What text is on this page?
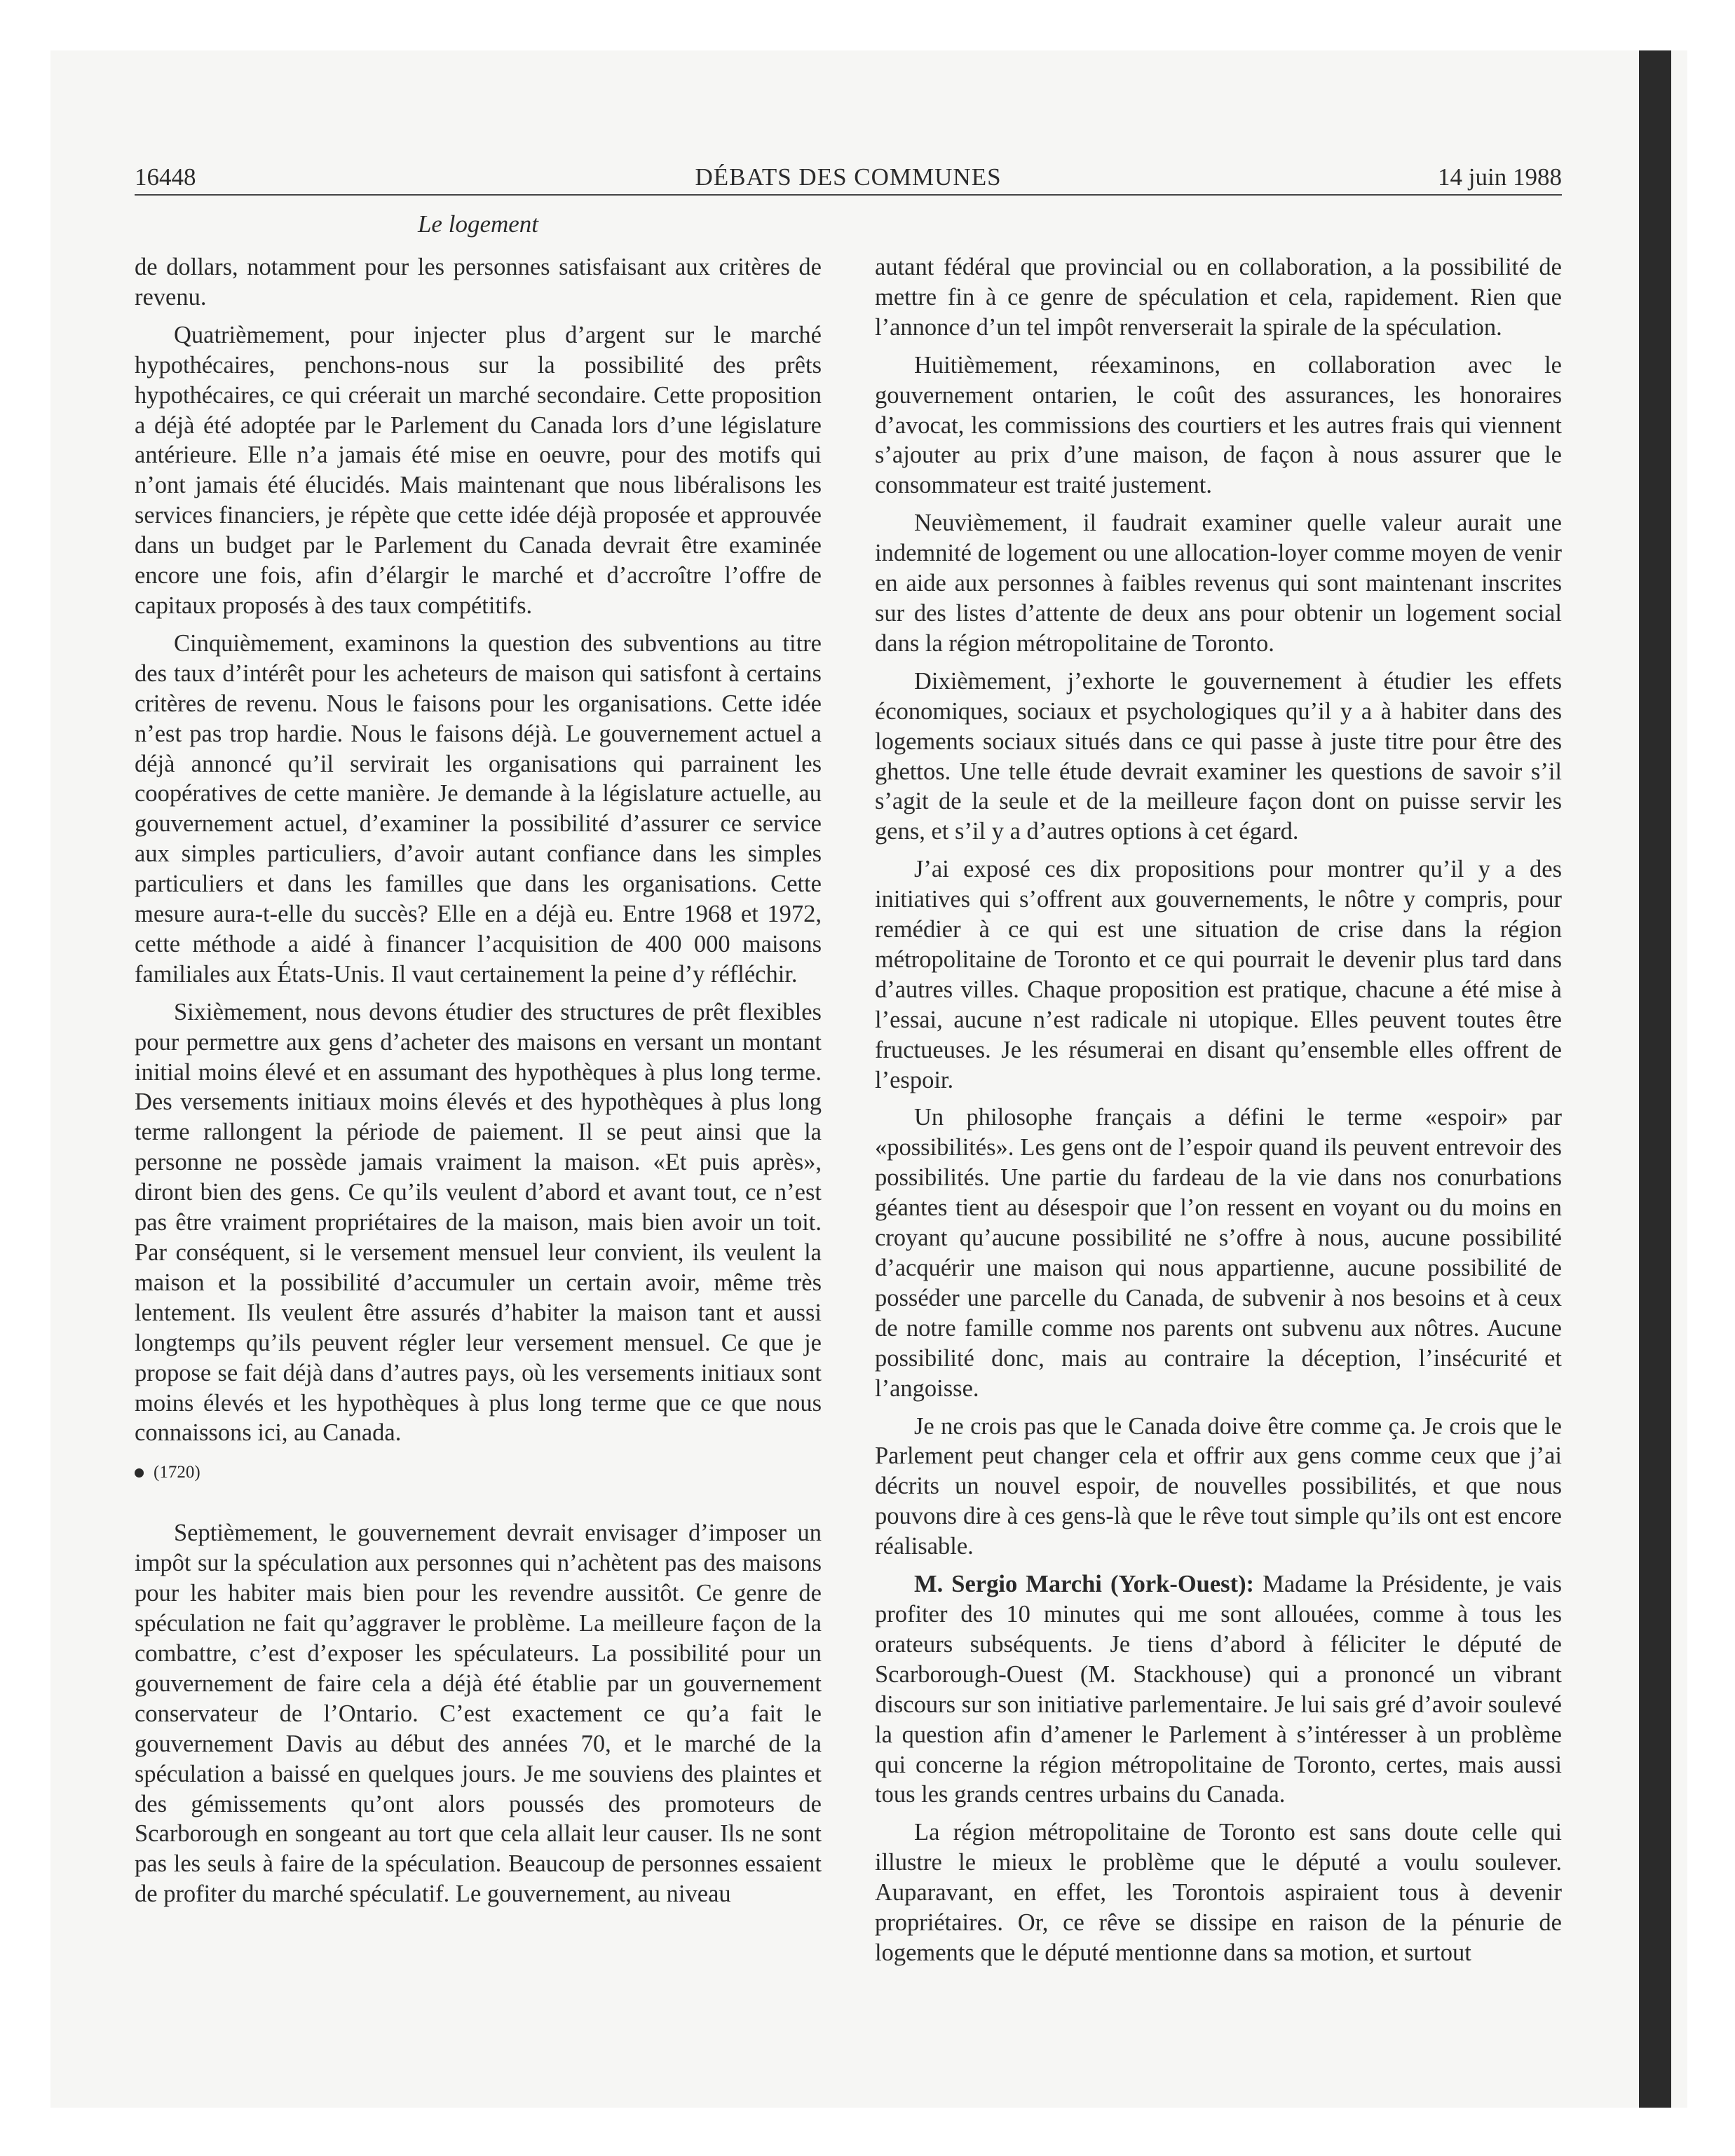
16448	DÉBATS DES COMMUNES	14 juin 1988
Le logement

de dollars, notamment pour les personnes satisfaisant aux critères de revenu.

Quatrièmement, pour injecter plus d’argent sur le marché hypothécaires, penchons-nous sur la possibilité des prêts hypothécaires, ce qui créerait un marché secondaire. Cette proposition a déjà été adoptée par le Parlement du Canada lors d’une législature antérieure. Elle n’a jamais été mise en oeuvre, pour des motifs qui n’ont jamais été élucidés. Mais maintenant que nous libéralisons les services financiers, je répète que cette idée déjà proposée et approuvée dans un budget par le Parlement du Canada devrait être examinée encore une fois, afin d’élargir le marché et d’accroître l’offre de capitaux proposés à des taux compétitifs.

Cinquièmement, examinons la question des subventions au titre des taux d’intérêt pour les acheteurs de maison qui satisfont à certains critères de revenu. Nous le faisons pour les organisations. Cette idée n’est pas trop hardie. Nous le faisons déjà. Le gouvernement actuel a déjà annoncé qu’il servirait les organisations qui parrainent les coopératives de cette manière. Je demande à la législature actuelle, au gouvernement actuel, d’examiner la possibilité d’assurer ce service aux simples particuliers, d’avoir autant confiance dans les simples particuliers et dans les familles que dans les organisations. Cette mesure aura-t-elle du succès? Elle en a déjà eu. Entre 1968 et 1972, cette méthode a aidé à financer l’acquisition de 400 000 maisons familiales aux États-Unis. Il vaut certainement la peine d’y réfléchir.

Sixièmement, nous devons étudier des structures de prêt flexibles pour permettre aux gens d’acheter des maisons en versant un montant initial moins élevé et en assumant des hypothèques à plus long terme. Des versements initiaux moins élevés et des hypothèques à plus long terme rallongent la période de paiement. Il se peut ainsi que la personne ne possède jamais vraiment la maison. «Et puis après», diront bien des gens. Ce qu’ils veulent d’abord et avant tout, ce n’est pas être vraiment propriétaires de la maison, mais bien avoir un toit. Par conséquent, si le versement mensuel leur convient, ils veulent la maison et la possibilité d’accumuler un certain avoir, même très lentement. Ils veulent être assurés d’habiter la maison tant et aussi longtemps qu’ils peuvent régler leur versement mensuel. Ce que je propose se fait déjà dans d’autres pays, où les versements initiaux sont moins élevés et les hypothèques à plus long terme que ce que nous connaissons ici, au Canada.

(1720)

Septièmement, le gouvernement devrait envisager d’imposer un impôt sur la spéculation aux personnes qui n’achètent pas des maisons pour les habiter mais bien pour les revendre aussitôt. Ce genre de spéculation ne fait qu’aggraver le problème. La meilleure façon de la combattre, c’est d’exposer les spéculateurs. La possibilité pour un gouvernement de faire cela a déjà été établie par un gouvernement conservateur de l’Ontario. C’est exactement ce qu’a fait le gouvernement Davis au début des années 70, et le marché de la spéculation a baissé en quelques jours. Je me souviens des plaintes et des gémissements qu’ont alors poussés des promoteurs de Scarborough en songeant au tort que cela allait leur causer. Ils ne sont pas les seuls à faire de la spéculation. Beaucoup de personnes essaient de profiter du marché spéculatif. Le gouvernement, au niveau

autant fédéral que provincial ou en collaboration, a la possibilité de mettre fin à ce genre de spéculation et cela, rapidement. Rien que l’annonce d’un tel impôt renverserait la spirale de la spéculation.

Huitièmement, réexaminons, en collaboration avec le gouvernement ontarien, le coût des assurances, les honoraires d’avocat, les commissions des courtiers et les autres frais qui viennent s’ajouter au prix d’une maison, de façon à nous assurer que le consommateur est traité justement.

Neuvièmement, il faudrait examiner quelle valeur aurait une indemnité de logement ou une allocation-loyer comme moyen de venir en aide aux personnes à faibles revenus qui sont maintenant inscrites sur des listes d’attente de deux ans pour obtenir un logement social dans la région métropolitaine de Toronto.

Dixièmement, j’exhorte le gouvernement à étudier les effets économiques, sociaux et psychologiques qu’il y a à habiter dans des logements sociaux situés dans ce qui passe à juste titre pour être des ghettos. Une telle étude devrait examiner les questions de savoir s’il s’agit de la seule et de la meilleure façon dont on puisse servir les gens, et s’il y a d’autres options à cet égard.

J’ai exposé ces dix propositions pour montrer qu’il y a des initiatives qui s’offrent aux gouvernements, le nôtre y compris, pour remédier à ce qui est une situation de crise dans la région métropolitaine de Toronto et ce qui pourrait le devenir plus tard dans d’autres villes. Chaque proposition est pratique, chacune a été mise à l’essai, aucune n’est radicale ni utopique. Elles peuvent toutes être fructueuses. Je les résumerai en disant qu’ensemble elles offrent de l’espoir.

Un philosophe français a défini le terme «espoir» par «possibilités». Les gens ont de l’espoir quand ils peuvent entrevoir des possibilités. Une partie du fardeau de la vie dans nos conurbations géantes tient au désespoir que l’on ressent en voyant ou du moins en croyant qu’aucune possibilité ne s’offre à nous, aucune possibilité d’acquérir une maison qui nous appartienne, aucune possibilité de posséder une parcelle du Canada, de subvenir à nos besoins et à ceux de notre famille comme nos parents ont subvenu aux nôtres. Aucune possibilité donc, mais au contraire la déception, l’insécurité et l’angoisse.

Je ne crois pas que le Canada doive être comme ça. Je crois que le Parlement peut changer cela et offrir aux gens comme ceux que j’ai décrits un nouvel espoir, de nouvelles possibilités, et que nous pouvons dire à ces gens-là que le rêve tout simple qu’ils ont est encore réalisable.

M. Sergio Marchi (York-Ouest): Madame la Présidente, je vais profiter des 10 minutes qui me sont allouées, comme à tous les orateurs subséquents. Je tiens d’abord à féliciter le député de Scarborough-Ouest (M. Stackhouse) qui a prononcé un vibrant discours sur son initiative parlementaire. Je lui sais gré d’avoir soulevé la question afin d’amener le Parlement à s’intéresser à un problème qui concerne la région métropolitaine de Toronto, certes, mais aussi tous les grands centres urbains du Canada.

La région métropolitaine de Toronto est sans doute celle qui illustre le mieux le problème que le député a voulu soulever. Auparavant, en effet, les Torontois aspiraient tous à devenir propriétaires. Or, ce rêve se dissipe en raison de la pénurie de logements que le député mentionne dans sa motion, et surtout
